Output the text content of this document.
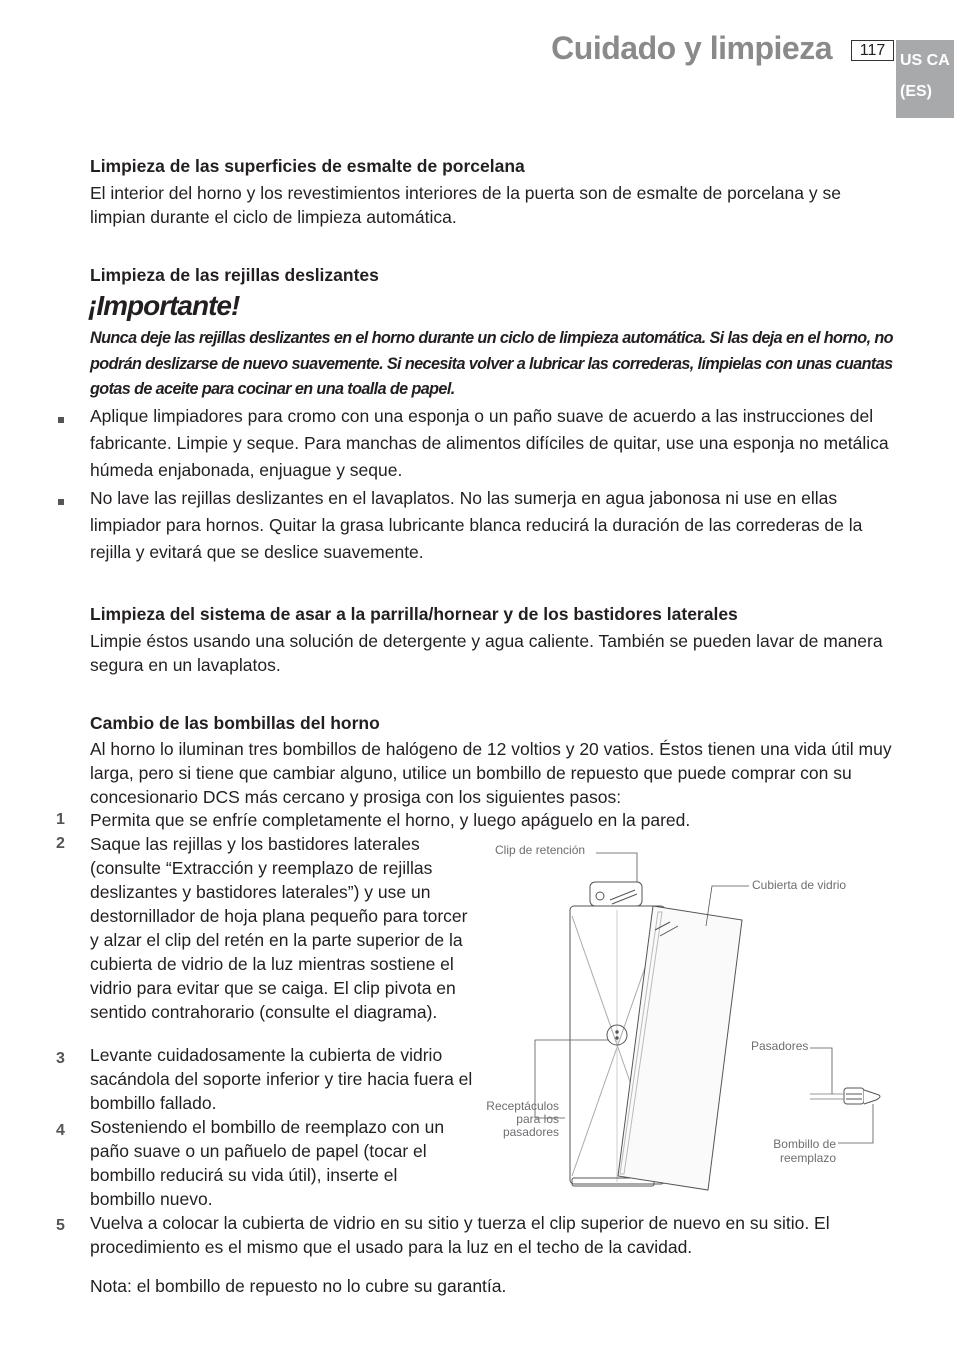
Cuidado y limpieza	117
US CA
(ES)
Limpieza de las superficies de esmalte de porcelana
El interior del horno y los revestimientos interiores de la puerta son de esmalte de porcelana y se limpian durante el ciclo de limpieza automática.
Limpieza de las rejillas deslizantes
¡Importante!
Nunca deje las rejillas deslizantes en el horno durante un ciclo de limpieza automática. Si las deja en el horno, no podrán deslizarse de nuevo suavemente. Si necesita volver a lubricar las correderas, límpielas con unas cuantas gotas de aceite para cocinar en una toalla de papel.
Aplique limpiadores para cromo con una esponja o un paño suave de acuerdo a las instrucciones del fabricante. Limpie y seque. Para manchas de alimentos difíciles de quitar, use una esponja no metálica húmeda enjabonada, enjuague y seque.
No lave las rejillas deslizantes en el lavaplatos. No las sumerja en agua jabonosa ni use en ellas limpiador para hornos. Quitar la grasa lubricante blanca reducirá la duración de las correderas de la rejilla y evitará que se deslice suavemente.
Limpieza del sistema de asar a la parrilla/hornear y de los bastidores laterales
Limpie éstos usando una solución de detergente y agua caliente. También se pueden lavar de manera segura en un lavaplatos.
Cambio de las bombillas del horno
Al horno lo iluminan tres bombillos de halógeno de 12 voltios y 20 vatios. Éstos tienen una vida útil muy larga, pero si tiene que cambiar alguno, utilice un bombillo de repuesto que puede comprar con su concesionario DCS más cercano y prosiga con los siguientes pasos:
1 Permita que se enfríe completamente el horno, y luego apáguelo en la pared.
2 Saque las rejillas y los bastidores laterales (consulte “Extracción y reemplazo de rejillas deslizantes y bastidores laterales”) y use un destornillador de hoja plana pequeño para torcer y alzar el clip del retén en la parte superior de la cubierta de vidrio de la luz mientras sostiene el vidrio para evitar que se caiga. El clip pivota en sentido contrahorario (consulte el diagrama).
3 Levante cuidadosamente la cubierta de vidrio sacándola del soporte inferior y tire hacia fuera el bombillo fallado.
4 Sosteniendo el bombillo de reemplazo con un paño suave o un pañuelo de papel (tocar el bombillo reducirá su vida útil), inserte el bombillo nuevo.
5 Vuelva a colocar la cubierta de vidrio en su sitio y tuerza el clip superior de nuevo en su sitio. El procedimiento es el mismo que el usado para la luz en el techo de la cavidad.
Nota: el bombillo de repuesto no lo cubre su garantía.
Clip de retención
Cubierta de vidrio
Pasadores
Receptáculos
para los
pasadores
Bombillo de
reemplazo
